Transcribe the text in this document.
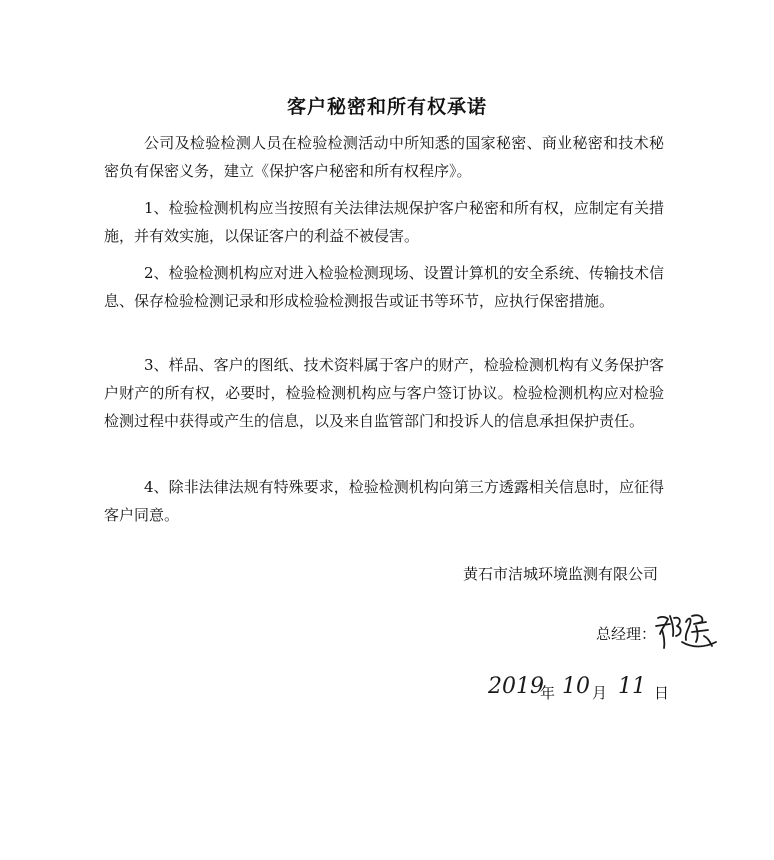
客户秘密和所有权承诺
公司及检验检测人员在检验检测活动中所知悉的国家秘密、商业秘密和技术秘密负有保密义务，建立《保护客户秘密和所有权程序》。
1、检验检测机构应当按照有关法律法规保护客户秘密和所有权，应制定有关措施，并有效实施，以保证客户的利益不被侵害。
2、检验检测机构应对进入检验检测现场、设置计算机的安全系统、传输技术信息、保存检验检测记录和形成检验检测报告或证书等环节，应执行保密措施。
3、样品、客户的图纸、技术资料属于客户的财产，检验检测机构有义务保护客户财产的所有权，必要时，检验检测机构应与客户签订协议。检验检测机构应对检验检测过程中获得或产生的信息，以及来自监管部门和投诉人的信息承担保护责任。
4、除非法律法规有特殊要求，检验检测机构向第三方透露相关信息时，应征得客户同意。
黄石市洁城环境监测有限公司
总经理：
2019
年 10 月 11 日
